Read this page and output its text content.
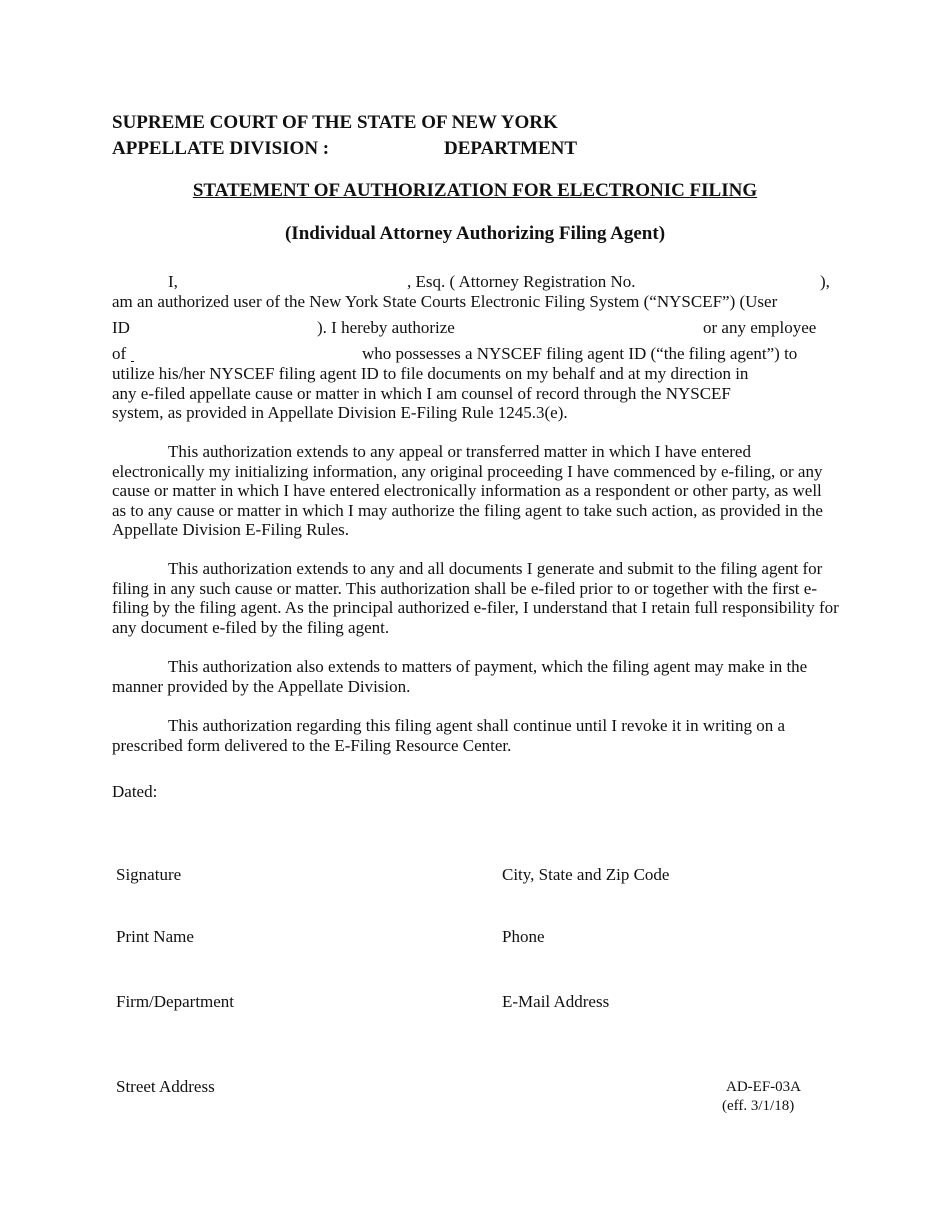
SUPREME COURT OF THE STATE OF NEW YORK
APPELLATE DIVISION :	DEPARTMENT
STATEMENT OF AUTHORIZATION FOR ELECTRONIC FILING
(Individual Attorney Authorizing Filing Agent)
I,	, Esq. ( Attorney Registration No.	),
am an authorized user of the New York State Courts Electronic Filing System (“NYSCEF”) (User
ID	). I hereby authorize	or any employee
of	who possesses a NYSCEF filing agent ID (“the filing agent”) to
utilize his/her NYSCEF filing agent ID to file documents on my behalf and at my direction in
any e-filed appellate cause or matter in which I am counsel of record through the NYSCEF
system, as provided in Appellate Division E-Filing Rule 1245.3(e).
This authorization extends to any appeal or transferred matter in which I have entered electronically my initializing information, any original proceeding I have commenced by e-filing, or any cause or matter in which I have entered electronically information as a respondent or other party, as well as to any cause or matter in which I may authorize the filing agent to take such action, as provided in the Appellate Division E-Filing Rules.
This authorization extends to any and all documents I generate and submit to the filing agent for filing in any such cause or matter. This authorization shall be e-filed prior to or together with the first e-filing by the filing agent. As the principal authorized e-filer, I understand that I retain full responsibility for any document e-filed by the filing agent.
This authorization also extends to matters of payment, which the filing agent may make in the manner provided by the Appellate Division.
This authorization regarding this filing agent shall continue until I revoke it in writing on a prescribed form delivered to the E-Filing Resource Center.
Dated:
Signature	City, State and Zip Code
Print Name	Phone
Firm/Department	E-Mail Address
Street Address	AD-EF-03A
(eff. 3/1/18)
